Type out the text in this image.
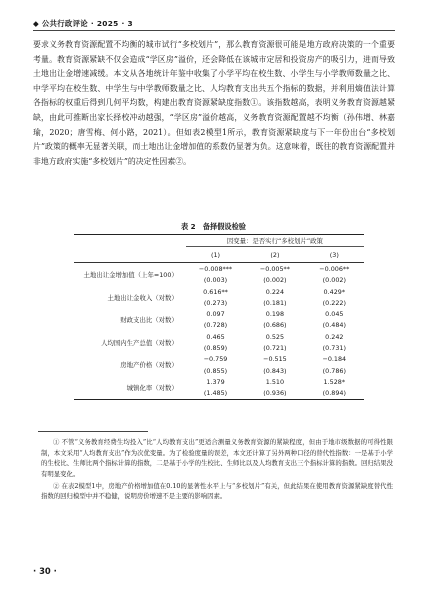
◆ 公共行政评论 · 2025 · 3

要求义务教育资源配置不均衡的城市试行“多校划片”，那么教育资源很可能是地方政府决策的一个重要考量。教育资源紧缺不仅会造成“学区房”溢价，还会降低在该城市定居和投资房产的吸引力，进而导致土地出让金增速减缓。本文从各地统计年鉴中收集了小学平均在校生数、小学生与小学教师数量之比、中学平均在校生数、中学生与中学教师数量之比、人均教育支出共五个指标的数据，并利用熵值法计算各指标的权重后得到几何平均数，构建出教育资源紧缺度指数①。该指数越高，表明义务教育资源越紧缺，由此可推断出家长择校冲动越强，“学区房”溢价越高，义务教育资源配置越不均衡（孙伟增、林嘉瑜，2020；唐雪梅、何小路，2021）。但如表2模型1所示，教育资源紧缺度与下一年份出台“多校划片”政策的概率无显著关联，而土地出让金增加值的系数仍显著为负。这意味着，既往的教育资源配置并非地方政府实施“多校划片”的决定性因素②。

表 2　备择假设检验
	因变量：是否实行“多校划片”政策		
	(1)	(2)	(3)
土地出让金增加值（上年=100）	−0.008***	−0.005**	−0.006**
	(0.003)	(0.002)	(0.002)
土地出让金收入（对数）	0.616**	0.224	0.429*
	(0.273)	(0.181)	(0.222)
财政支出比（对数）	0.097	0.198	0.045
	(0.728)	(0.686)	(0.484)
人均国内生产总值（对数）	0.465	0.525	0.242
	(0.859)	(0.721)	(0.731)
房地产价格（对数）	−0.759	−0.515	−0.184
	(0.855)	(0.843)	(0.786)
城镇化率（对数）	1.379	1.510	1.528*
	(1.485)	(0.936)	(0.894)

① 不管“义务教育经费生均投入”比“人均教育支出”更适合测量义务教育资源的紧缺程度，但由于地市级数据的可得性限制，本文采用“人均教育支出”作为次优变量。为了检验度量的误差，本文还计算了另外两种口径的替代性指数：一是基于小学的生校比、生师比两个指标计算的指数，二是基于小学的生校比、生师比以及人均教育支出三个指标计算的指数。回归结果没有明显变化。

② 在表2模型1中，房地产价格增加值在0.10的显著性水平上与“多校划片”有关，但此结果在使用教育资源紧缺度替代性指数的回归模型中并不稳健，说明房价增速不是主要的影响因素。

· 30 ·
